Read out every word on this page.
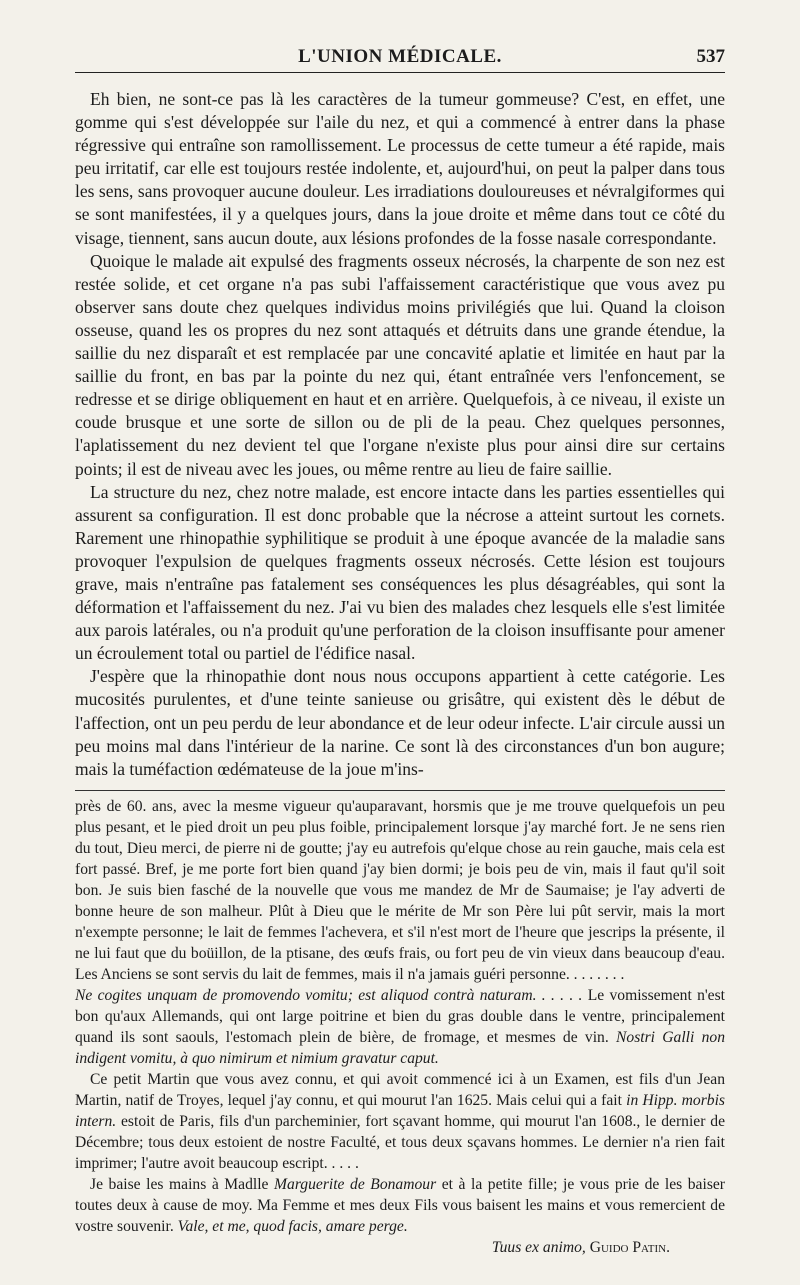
L'UNION MÉDICALE.	537

Eh bien, ne sont-ce pas là les caractères de la tumeur gommeuse? C'est, en effet, une gomme qui s'est développée sur l'aile du nez, et qui a commencé à entrer dans la phase régressive qui entraîne son ramollissement. Le processus de cette tumeur a été rapide, mais peu irritatif, car elle est toujours restée indolente, et, aujourd'hui, on peut la palper dans tous les sens, sans provoquer aucune douleur. Les irradiations douloureuses et névralgiformes qui se sont manifestées, il y a quelques jours, dans la joue droite et même dans tout ce côté du visage, tiennent, sans aucun doute, aux lésions profondes de la fosse nasale correspondante.

Quoique le malade ait expulsé des fragments osseux nécrosés, la charpente de son nez est restée solide, et cet organe n'a pas subi l'affaissement caractéristique que vous avez pu observer sans doute chez quelques individus moins privilégiés que lui. Quand la cloison osseuse, quand les os propres du nez sont attaqués et détruits dans une grande étendue, la saillie du nez disparaît et est remplacée par une concavité aplatie et limitée en haut par la saillie du front, en bas par la pointe du nez qui, étant entraînée vers l'enfoncement, se redresse et se dirige obliquement en haut et en arrière. Quelquefois, à ce niveau, il existe un coude brusque et une sorte de sillon ou de pli de la peau. Chez quelques personnes, l'aplatissement du nez devient tel que l'organe n'existe plus pour ainsi dire sur certains points; il est de niveau avec les joues, ou même rentre au lieu de faire saillie.

La structure du nez, chez notre malade, est encore intacte dans les parties essentielles qui assurent sa configuration. Il est donc probable que la nécrose a atteint surtout les cornets. Rarement une rhinopathie syphilitique se produit à une époque avancée de la maladie sans provoquer l'expulsion de quelques fragments osseux nécrosés. Cette lésion est toujours grave, mais n'entraîne pas fatalement ses conséquences les plus désagréables, qui sont la déformation et l'affaissement du nez. J'ai vu bien des malades chez lesquels elle s'est limitée aux parois latérales, ou n'a produit qu'une perforation de la cloison insuffisante pour amener un écroulement total ou partiel de l'édifice nasal.

J'espère que la rhinopathie dont nous nous occupons appartient à cette catégorie. Les mucosités purulentes, et d'une teinte sanieuse ou grisâtre, qui existent dès le début de l'affection, ont un peu perdu de leur abondance et de leur odeur infecte. L'air circule aussi un peu moins mal dans l'intérieur de la narine. Ce sont là des circonstances d'un bon augure; mais la tuméfaction œdémateuse de la joue m'ins-

près de 60. ans, avec la mesme vigueur qu'auparavant, horsmis que je me trouve quelquefois un peu plus pesant, et le pied droit un peu plus foible, principalement lorsque j'ay marché fort. Je ne sens rien du tout, Dieu merci, de pierre ni de goutte; j'ay eu autrefois qu'elque chose au rein gauche, mais cela est fort passé. Bref, je me porte fort bien quand j'ay bien dormi; je bois peu de vin, mais il faut qu'il soit bon. Je suis bien fasché de la nouvelle que vous me mandez de Mr de Saumaise; je l'ay adverti de bonne heure de son malheur. Plût à Dieu que le mérite de Mr son Père lui pût servir, mais la mort n'exempte personne; le lait de femmes l'achevera, et s'il n'est mort de l'heure que jescrips la présente, il ne lui faut que du boüillon, de la ptisane, des œufs frais, ou fort peu de vin vieux dans beaucoup d'eau. Les Anciens se sont servis du lait de femmes, mais il n'a jamais guéri personne. . . . . . . .

Ne cogites unquam de promovendo vomitu; est aliquod contrà naturam. . . . . . Le vomissement n'est bon qu'aux Allemands, qui ont large poitrine et bien du gras double dans le ventre, principalement quand ils sont saouls, l'estomach plein de bière, de fromage, et mesmes de vin. Nostri Galli non indigent vomitu, à quo nimirum et nimium gravatur caput.

Ce petit Martin que vous avez connu, et qui avoit commencé ici à un Examen, est fils d'un Jean Martin, natif de Troyes, lequel j'ay connu, et qui mourut l'an 1625. Mais celui qui a fait in Hipp. morbis intern. estoit de Paris, fils d'un parcheminier, fort sçavant homme, qui mourut l'an 1608., le dernier de Décembre; tous deux estoient de nostre Faculté, et tous deux sçavans hommes. Le dernier n'a rien fait imprimer; l'autre avoit beaucoup escript. . . . .

Je baise les mains à Madlle Marguerite de Bonamour et à la petite fille; je vous prie de les baiser toutes deux à cause de moy. Ma Femme et mes deux Fils vous baisent les mains et vous remercient de vostre souvenir. Vale, et me, quod facis, amare perge.

Tuus ex animo, Guido Patin.
